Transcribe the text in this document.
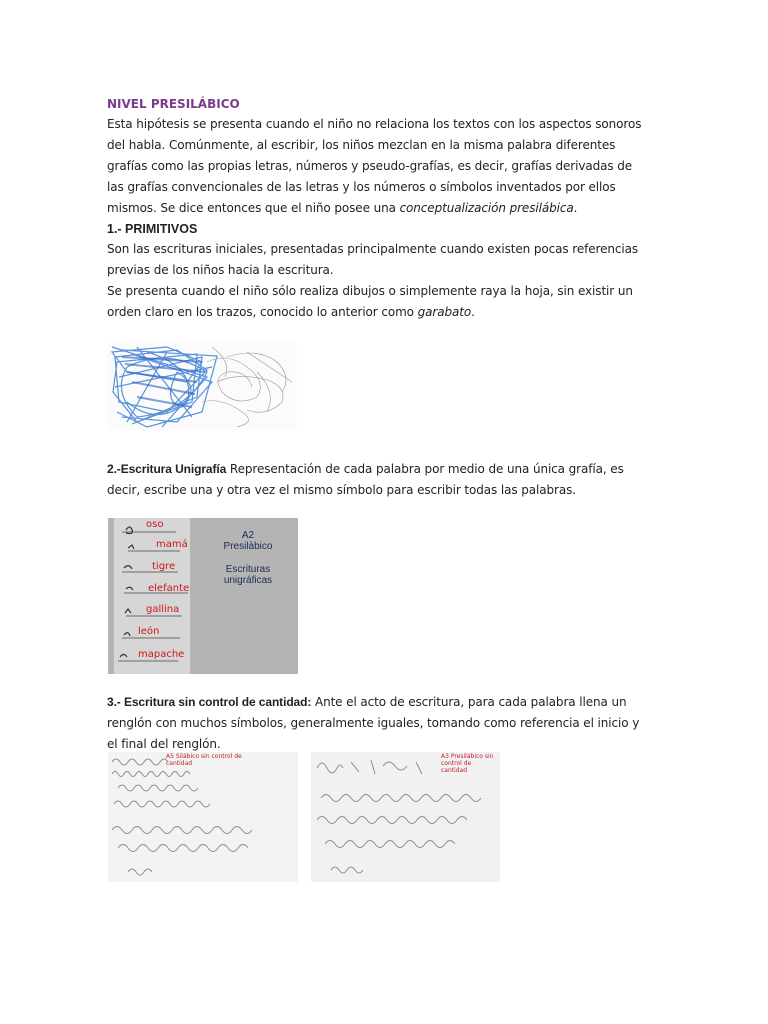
NIVEL PRESILÁBICO

Esta hipótesis se presenta cuando el niño no relaciona los textos con los aspectos sonoros del habla. Comúnmente, al escribir, los niños mezclan en la misma palabra diferentes grafías como las propias letras, números y pseudo-grafías, es decir, grafías derivadas de las grafías convencionales de las letras y los números o símbolos inventados por ellos mismos. Se dice entonces que el niño posee una conceptualización presilábica.

1.- PRIMITIVOS

Son las escrituras iniciales, presentadas principalmente cuando existen pocas referencias previas de los niños hacia la escritura.

Se presenta cuando el niño sólo realiza dibujos o simplemente raya la hoja, sin existir un orden claro en los trazos, conocido lo anterior como garabato.

2.-Escritura Unigrafía Representación de cada palabra por medio de una única grafía, es decir, escribe una y otra vez el mismo símbolo para escribir todas las palabras.

oso
mamá
tigre
elefante
gallina
león
mapache
A2
Presilàbico
Escrituras
unigráficas

3.- Escritura sin control de cantidad: Ante el acto de escritura, para cada palabra llena un renglón con muchos símbolos, generalmente iguales, tomando como referencia el inicio y el final del renglón.

A5 Silábico sin control de cantidad
A3 Presilábico sin control de cantidad
